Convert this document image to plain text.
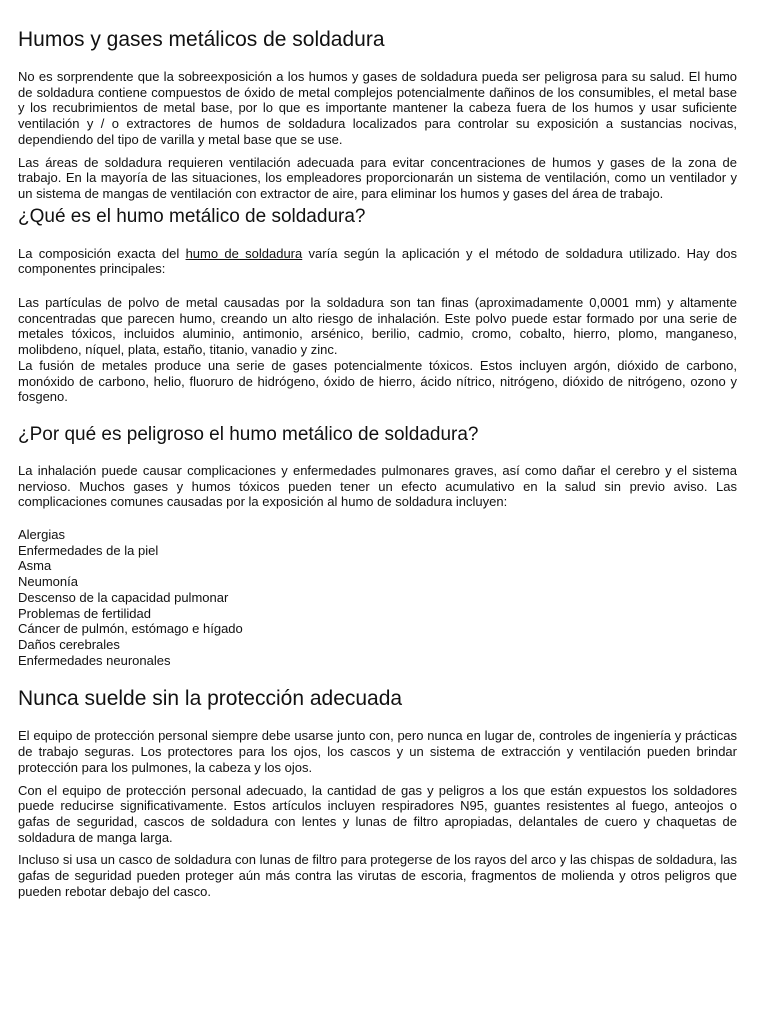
Humos y gases metálicos de soldadura

No es sorprendente que la sobreexposición a los humos y gases de soldadura pueda ser peligrosa para su salud. El humo de soldadura contiene compuestos de óxido de metal complejos potencialmente dañinos de los consumibles, el metal base y los recubrimientos de metal base, por lo que es importante mantener la cabeza fuera de los humos y usar suficiente ventilación y / o extractores de humos de soldadura localizados para controlar su exposición a sustancias nocivas, dependiendo del tipo de varilla y metal base que se use.

Las áreas de soldadura requieren ventilación adecuada para evitar concentraciones de humos y gases de la zona de trabajo. En la mayoría de las situaciones, los empleadores proporcionarán un sistema de ventilación, como un ventilador y un sistema de mangas de ventilación con extractor de aire, para eliminar los humos y gases del área de trabajo.

¿Qué es el humo metálico de soldadura?

La composición exacta del humo de soldadura varía según la aplicación y el método de soldadura utilizado. Hay dos componentes principales:

Las partículas de polvo de metal causadas por la soldadura son tan finas (aproximadamente 0,0001 mm) y altamente concentradas que parecen humo, creando un alto riesgo de inhalación. Este polvo puede estar formado por una serie de metales tóxicos, incluidos aluminio, antimonio, arsénico, berilio, cadmio, cromo, cobalto, hierro, plomo, manganeso, molibdeno, níquel, plata, estaño, titanio, vanadio y zinc.

La fusión de metales produce una serie de gases potencialmente tóxicos. Estos incluyen argón, dióxido de carbono, monóxido de carbono, helio, fluoruro de hidrógeno, óxido de hierro, ácido nítrico, nitrógeno, dióxido de nitrógeno, ozono y fosgeno.

¿Por qué es peligroso el humo metálico de soldadura?

La inhalación puede causar complicaciones y enfermedades pulmonares graves, así como dañar el cerebro y el sistema nervioso. Muchos gases y humos tóxicos pueden tener un efecto acumulativo en la salud sin previo aviso. Las complicaciones comunes causadas por la exposición al humo de soldadura incluyen:

Alergias
Enfermedades de la piel
Asma
Neumonía
Descenso de la capacidad pulmonar
Problemas de fertilidad
Cáncer de pulmón, estómago e hígado
Daños cerebrales
Enfermedades neuronales
Nunca suelde sin la protección adecuada

El equipo de protección personal siempre debe usarse junto con, pero nunca en lugar de, controles de ingeniería y prácticas de trabajo seguras. Los protectores para los ojos, los cascos y un sistema de extracción y ventilación pueden brindar protección para los pulmones, la cabeza y los ojos.

Con el equipo de protección personal adecuado, la cantidad de gas y peligros a los que están expuestos los soldadores puede reducirse significativamente. Estos artículos incluyen respiradores N95, guantes resistentes al fuego, anteojos o gafas de seguridad, cascos de soldadura con lentes y lunas de filtro apropiadas, delantales de cuero y chaquetas de soldadura de manga larga.

Incluso si usa un casco de soldadura con lunas de filtro para protegerse de los rayos del arco y las chispas de soldadura, las gafas de seguridad pueden proteger aún más contra las virutas de escoria, fragmentos de molienda y otros peligros que pueden rebotar debajo del casco.
